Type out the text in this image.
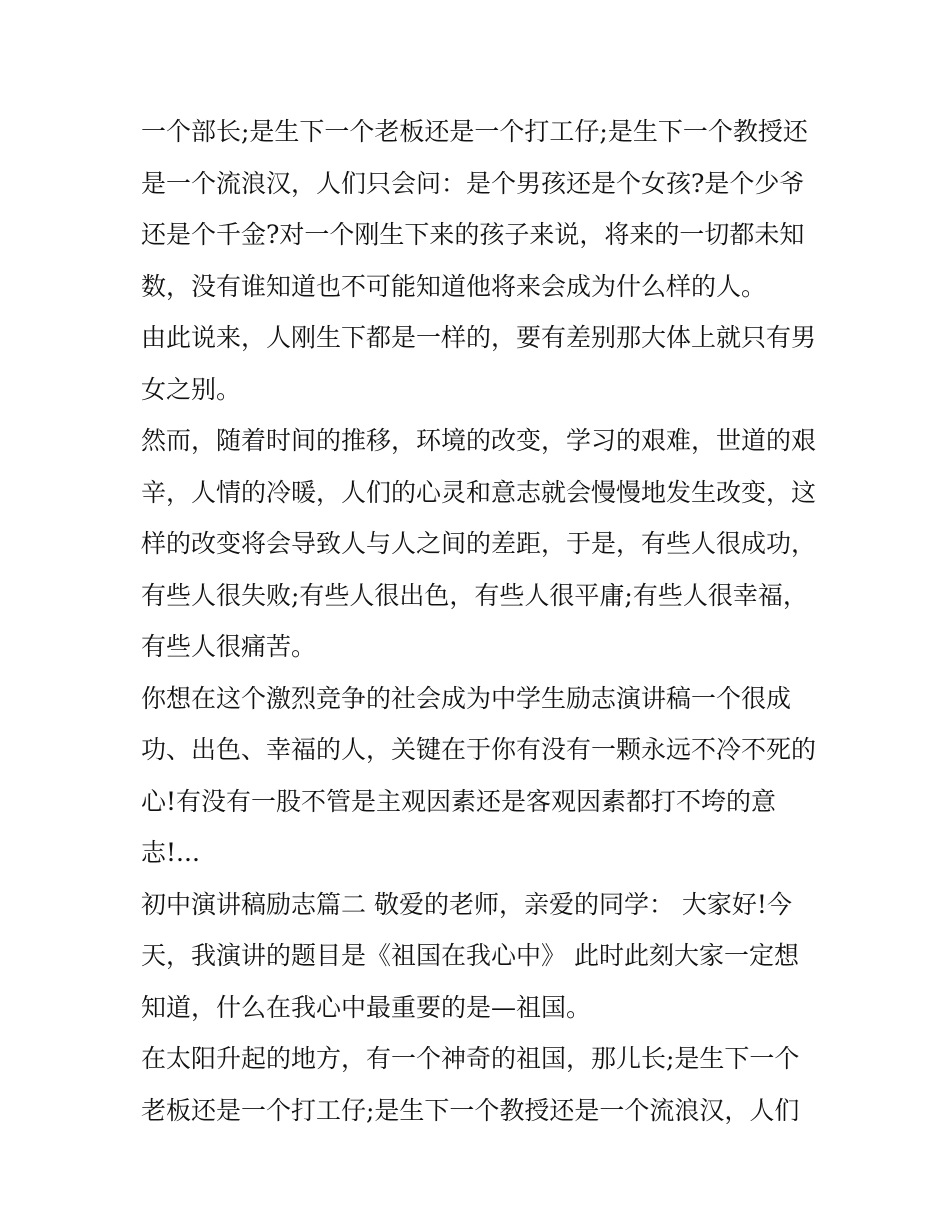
一个部长;是生下一个老板还是一个打工仔;是生下一个教授还
是一个流浪汉，人们只会问：是个男孩还是个女孩?是个少爷
还是个千金?对一个刚生下来的孩子来说，将来的一切都未知
数，没有谁知道也不可能知道他将来会成为什么样的人。
由此说来，人刚生下都是一样的，要有差别那大体上就只有男
女之别。
然而，随着时间的推移，环境的改变，学习的艰难，世道的艰
辛，人情的冷暖，人们的心灵和意志就会慢慢地发生改变，这
样的改变将会导致人与人之间的差距，于是，有些人很成功，
有些人很失败;有些人很出色，有些人很平庸;有些人很幸福，
有些人很痛苦。
你想在这个激烈竞争的社会成为中学生励志演讲稿一个很成
功、出色、幸福的人，关键在于你有没有一颗永远不冷不死的
心!有没有一股不管是主观因素还是客观因素都打不垮的意
志!...
初中演讲稿励志篇二 敬爱的老师，亲爱的同学： 大家好!今
天，我演讲的题目是《祖国在我心中》 此时此刻大家一定想
知道，什么在我心中最重要的是—祖国。
在太阳升起的地方，有一个神奇的祖国，那儿长;是生下一个
老板还是一个打工仔;是生下一个教授还是一个流浪汉，人们
